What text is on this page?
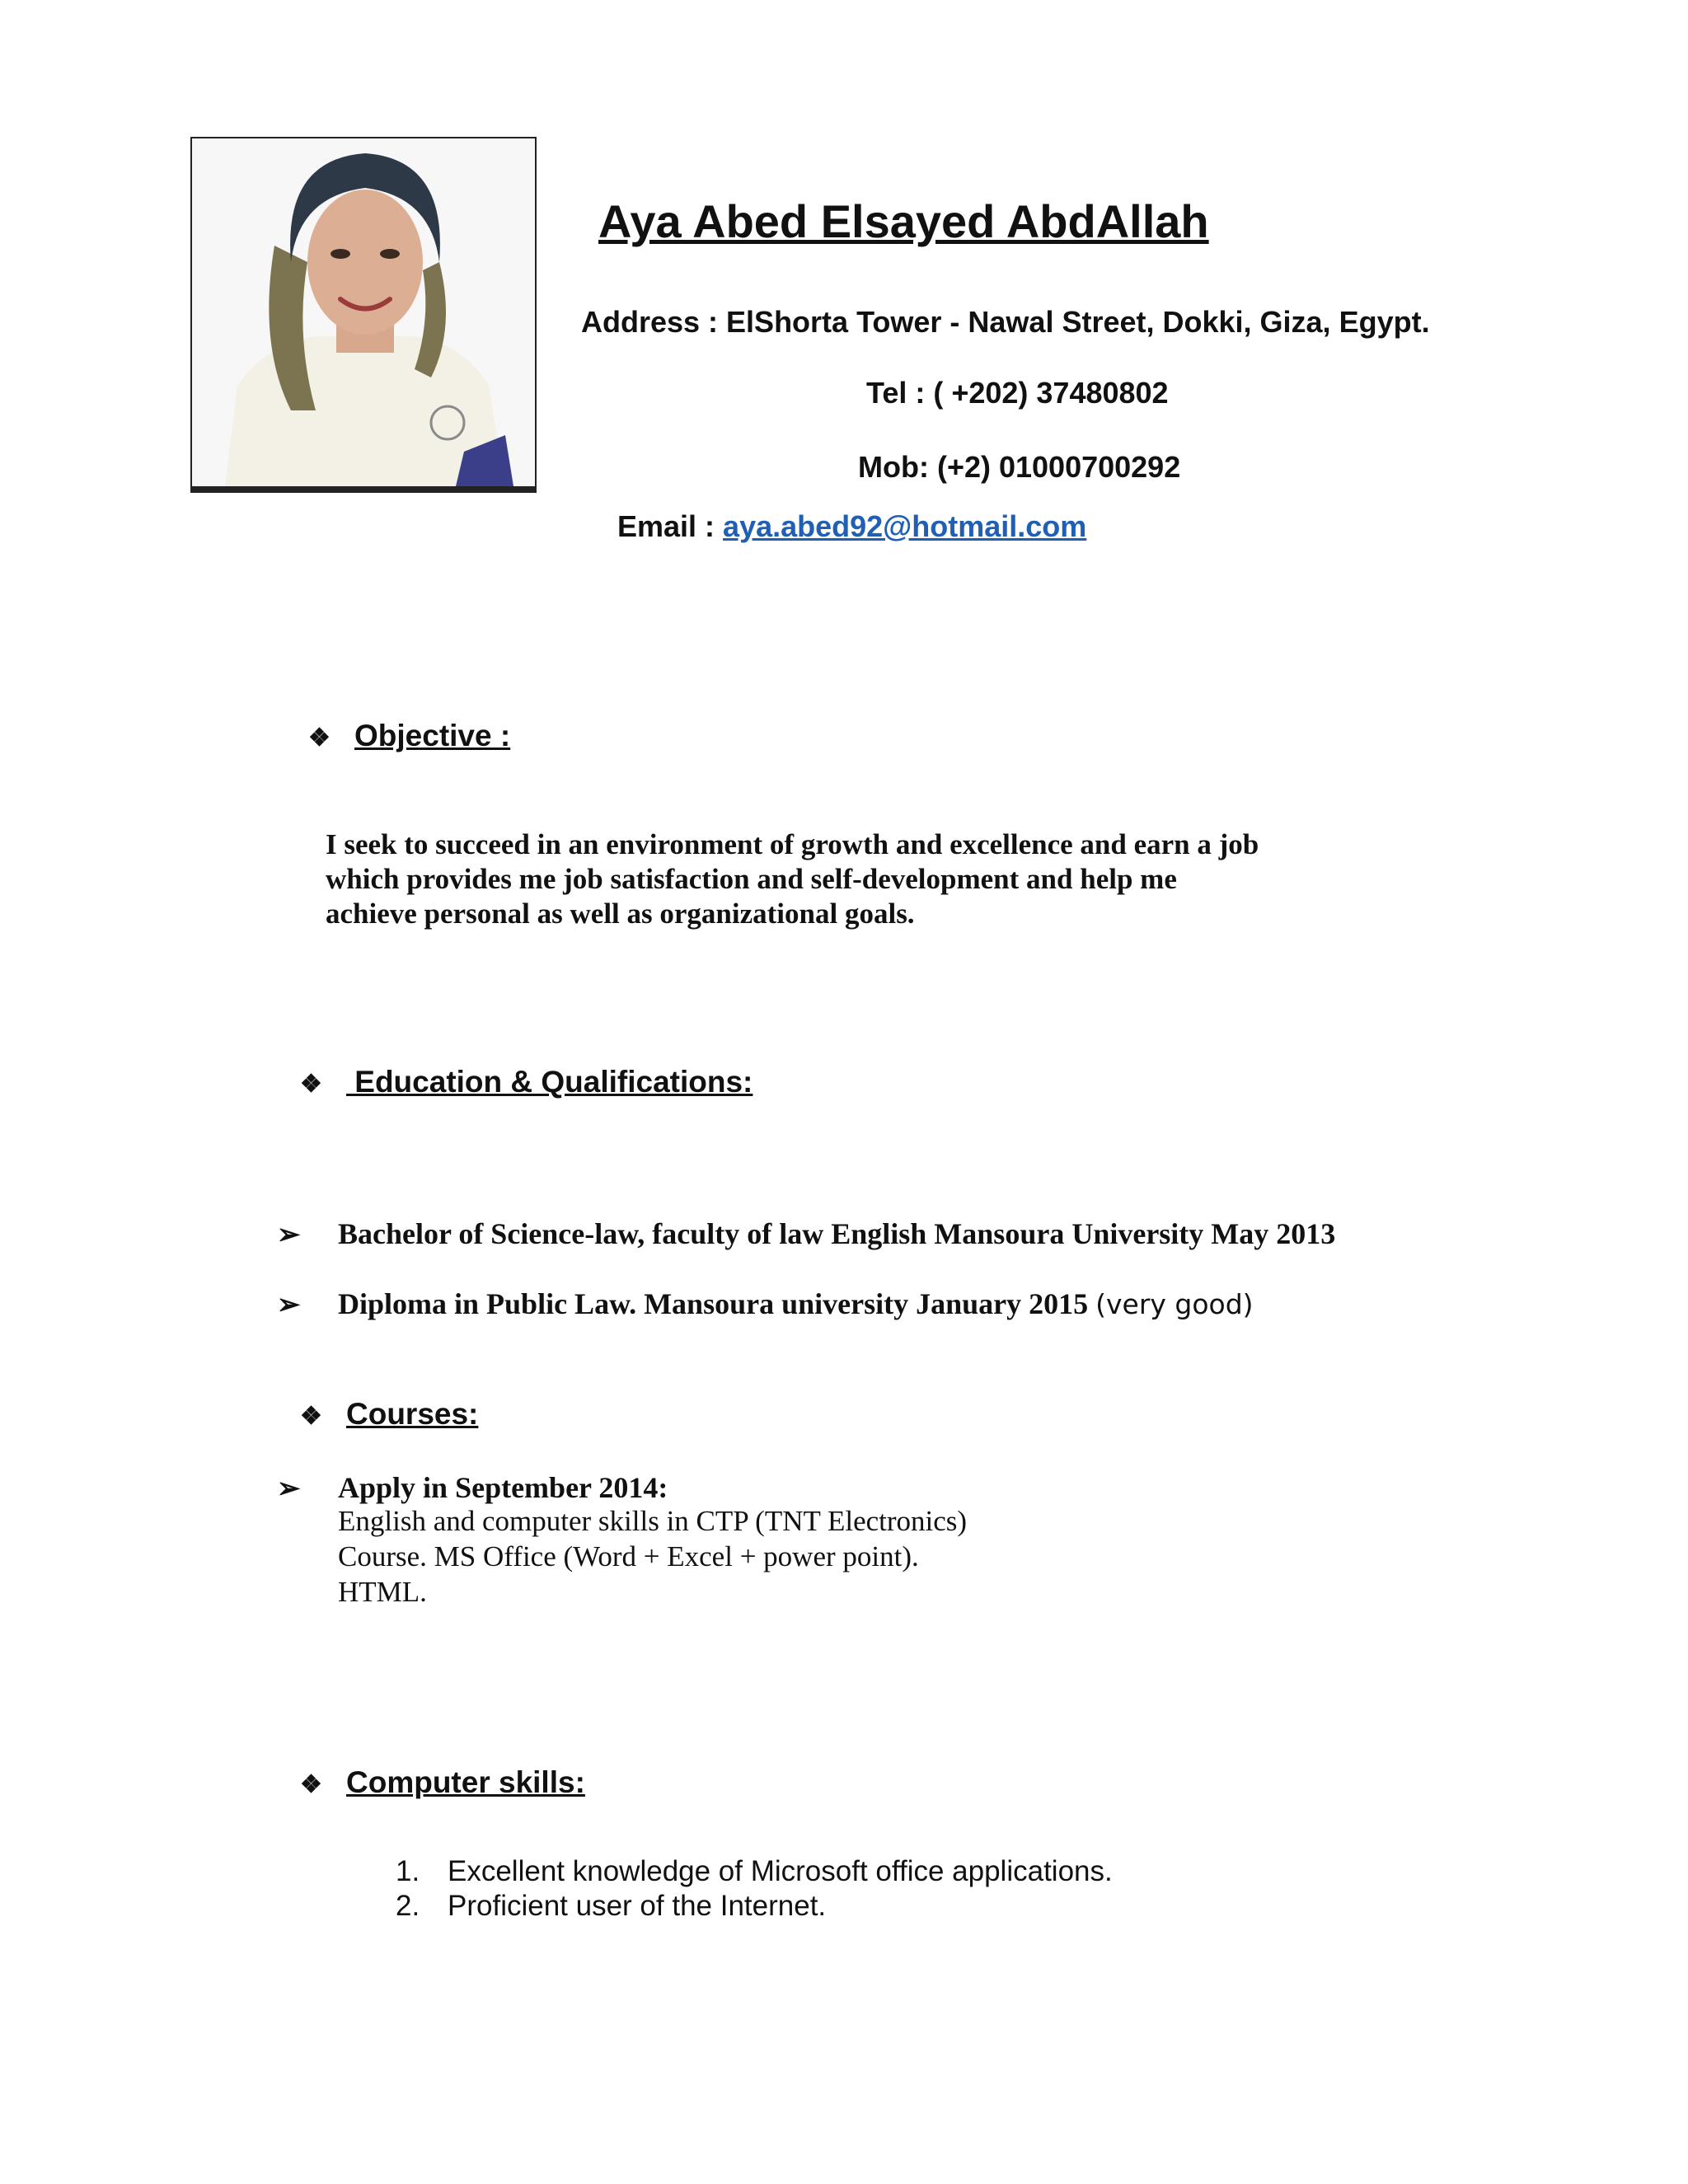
Aya Abed Elsayed AbdAllah
Address : ElShorta Tower - Nawal Street, Dokki, Giza, Egypt.
Tel : ( +202) 37480802
Mob: (+2) 01000700292
Email : aya.abed92@hotmail.com
❖ Objective :
I seek to succeed in an environment of growth and excellence and earn a job
which provides me job satisfaction and self-development and help me
achieve personal as well as organizational goals.
❖ Education & Qualifications:
➢ Bachelor of Science-law, faculty of law English Mansoura University May 2013
➢ Diploma in Public Law. Mansoura university January 2015 (very good)
❖ Courses:
➢ Apply in September 2014:
English and computer skills in CTP (TNT Electronics)
Course. MS Office (Word + Excel + power point).
HTML.
❖ Computer skills:
1. Excellent knowledge of Microsoft office applications.
2. Proficient user of the Internet.
